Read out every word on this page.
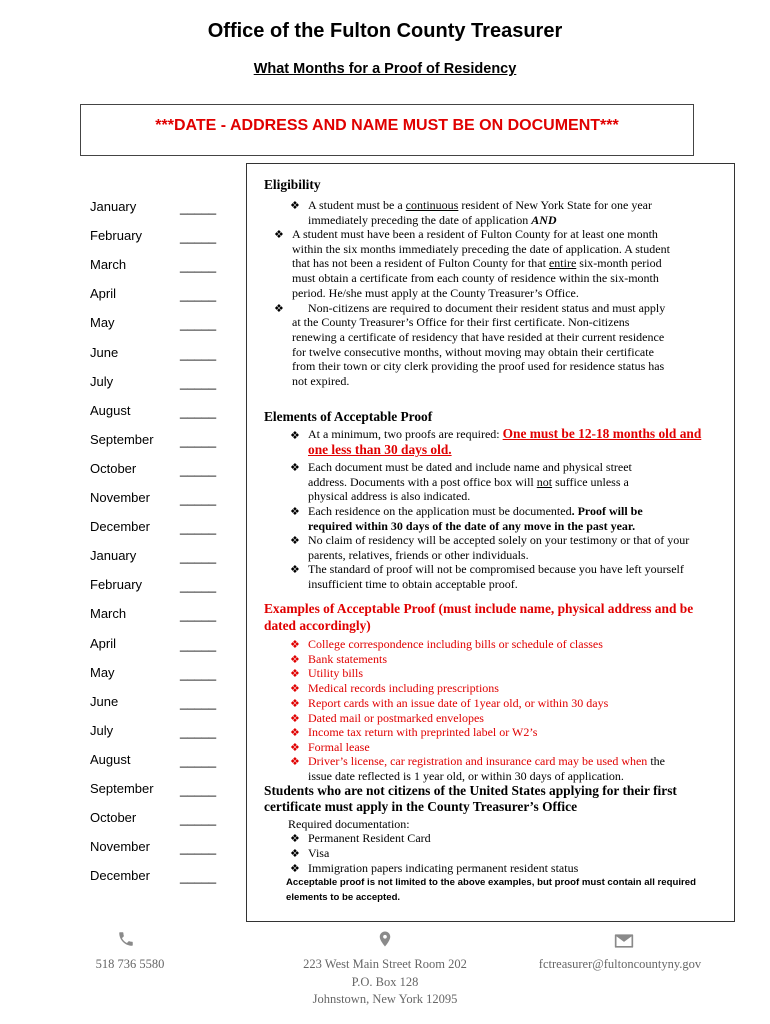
Office of the Fulton County Treasurer
What Months for a Proof of Residency
***DATE - ADDRESS AND NAME MUST BE ON DOCUMENT***
January	_____
February	_____
March	_____
April	_____
May	_____
June	_____
July	_____
August	_____
September _____
October	_____
November _____
December _____
January	_____
February	_____
March	_____
April	_____
May	_____
June	_____
July	_____
August	_____
September _____
October	_____
November _____
December _____
Eligibility
❖ A student must be a continuous resident of New York State for one year
immediately preceding the date of application AND
❖ A student must have been a resident of Fulton County for at least one month
within the six months immediately preceding the date of application. A student
that has not been a resident of Fulton County for that entire six-month period
must obtain a certificate from each county of residence within the six-month
period. He/she must apply at the County Treasurer’s Office.
❖ Non-citizens are required to document their resident status and must apply
at the County Treasurer’s Office for their first certificate. Non-citizens
renewing a certificate of residency that have resided at their current residence
for twelve consecutive months, without moving may obtain their certificate
from their town or city clerk providing the proof used for residence status has
not expired.
Elements of Acceptable Proof
❖ At a minimum, two proofs are required: One must be 12-18 months old and
one less than 30 days old.
❖ Each document must be dated and include name and physical street
address. Documents with a post office box will not suffice unless a
physical address is also indicated.
❖ Each residence on the application must be documented. Proof will be
required within 30 days of the date of any move in the past year.
❖ No claim of residency will be accepted solely on your testimony or that of your
parents, relatives, friends or other individuals.
❖ The standard of proof will not be compromised because you have left yourself
insufficient time to obtain acceptable proof.
Examples of Acceptable Proof (must include name, physical address and be
dated accordingly)
❖ College correspondence including bills or schedule of classes
❖ Bank statements
❖ Utility bills
❖ Medical records including prescriptions
❖ Report cards with an issue date of 1year old, or within 30 days
❖ Dated mail or postmarked envelopes
❖ Income tax return with preprinted label or W2’s
❖ Formal lease
❖ Driver’s license, car registration and insurance card may be used when the
issue date reflected is 1 year old, or within 30 days of application.
Students who are not citizens of the United States applying for their first
certificate must apply in the County Treasurer’s Office
Required documentation:
❖ Permanent Resident Card
❖ Visa
❖ Immigration papers indicating permanent resident status
Acceptable proof is not limited to the above examples, but proof must contain all required
elements to be accepted.
518 736 5580	223 West Main Street Room 202
P.O. Box 128
Johnstown, New York 12095
fctreasurer@fultoncountyny.gov
